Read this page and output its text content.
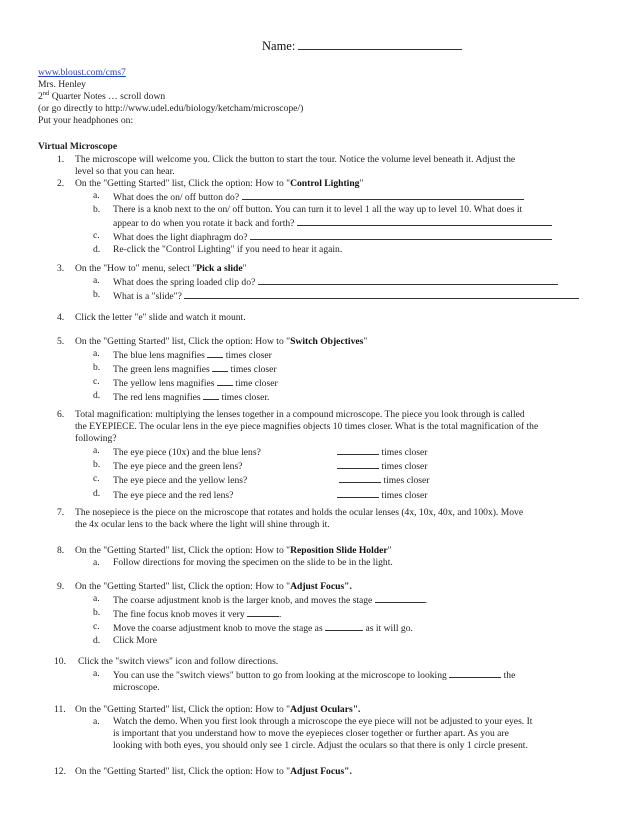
Name:
www.bloust.com/cms7
Mrs. Henley
2nd Quarter Notes … scroll down
(or go directly to http://www.udel.edu/biology/ketcham/microscope/)
Put your headphones on:
Virtual Microscope
1. The microscope will welcome you. Click the button to start the tour. Notice the volume level beneath it. Adjust the
level so that you can hear.
2. On the "Getting Started" list, Click the option: How to "Control Lighting"
a. What does the on/ off button do?
b. There is a knob next to the on/ off button. You can turn it to level 1 all the way up to level 10. What does it
appear to do when you rotate it back and forth?
c. What does the light diaphragm do?
d. Re-click the "Control Lighting" if you need to hear it again.
3. On the "How to" menu, select "Pick a slide"
a. What does the spring loaded clip do?
b. What is a "slide"?
4. Click the letter "e" slide and watch it mount.
5. On the "Getting Started" list, Click the option: How to "Switch Objectives"
a. The blue lens magnifies  times closer
b. The green lens magnifies  times closer
c. The yellow lens magnifies  time closer
d. The red lens magnifies  times closer.
6. Total magnification: multiplying the lenses together in a compound microscope. The piece you look through is called
the EYEPIECE. The ocular lens in the eye piece magnifies objects 10 times closer. What is the total magnification of the
following?
a. The eye piece (10x) and the blue lens?	times closer
b. The eye piece and the green lens?	times closer
c. The eye piece and the yellow lens?	times closer
d. The eye piece and the red lens?	times closer
7. The nosepiece is the piece on the microscope that rotates and holds the ocular lenses (4x, 10x, 40x, and 100x). Move
the 4x ocular lens to the back where the light will shine through it.
8. On the "Getting Started" list, Click the option: How to "Reposition Slide Holder"
a. Follow directions for moving the specimen on the slide to be in the light.
9. On the "Getting Started" list, Click the option: How to "Adjust Focus".
a. The coarse adjustment knob is the larger knob, and moves the stage	.
b. The fine focus knob moves it very	.
c. Move the coarse adjustment knob to move the stage as	as it will go.
d. Click More
10. Click the "switch views" icon and follow directions.
a. You can use the "switch views" button to go from looking at the microscope to looking	the
microscope.
11. On the "Getting Started" list, Click the option: How to "Adjust Oculars".
a. Watch the demo. When you first look through a microscope the eye piece will not be adjusted to your eyes. It
is important that you understand how to move the eyepieces closer together or further apart. As you are
looking with both eyes, you should only see 1 circle. Adjust the oculars so that there is only 1 circle present.
12. On the "Getting Started" list, Click the option: How to "Adjust Focus".
